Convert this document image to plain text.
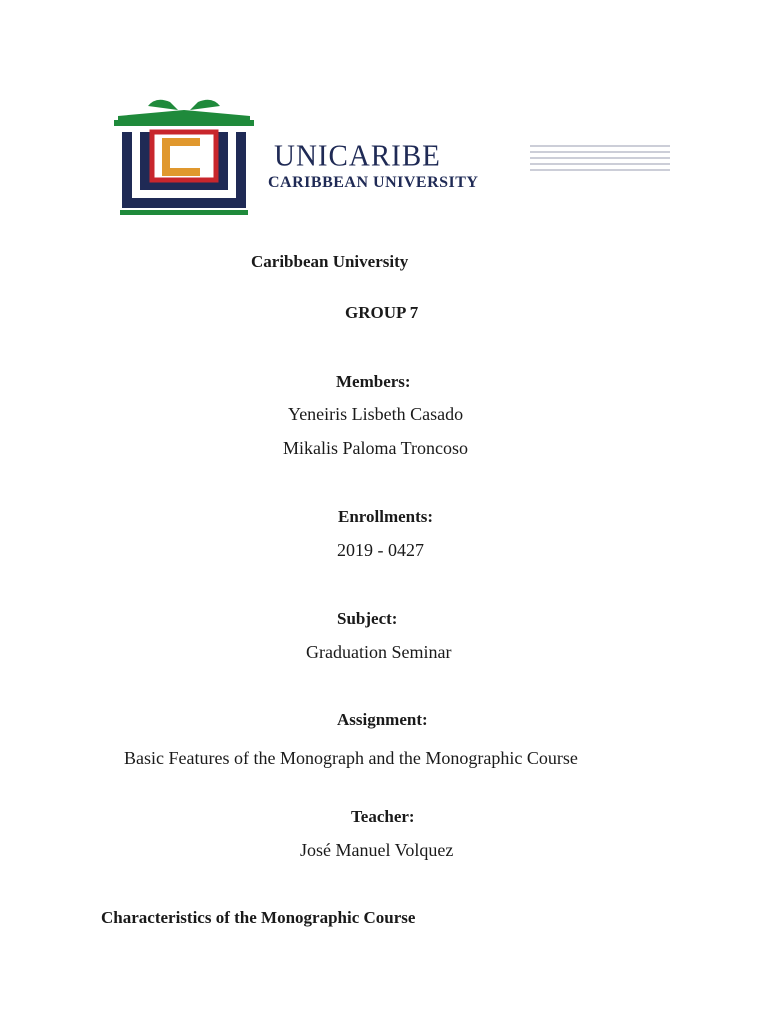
UNICARIBE
CARIBBEAN UNIVERSITY
Caribbean University
GROUP 7
Members:
Yeneiris Lisbeth Casado
Mikalis Paloma Troncoso
Enrollments:
2019 - 0427
Subject:
Graduation Seminar
Assignment:
Basic Features of the Monograph and the Monographic Course
Teacher:
José Manuel Volquez
Characteristics of the Monographic Course
